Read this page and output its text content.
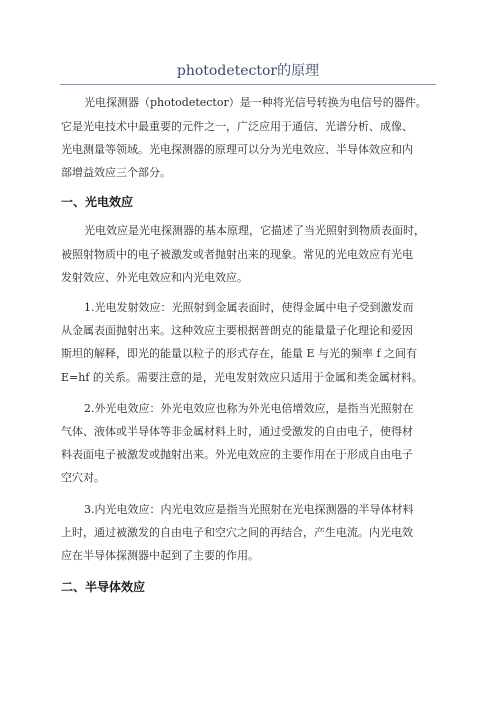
photodetector的原理
光电探测器（photodetector）是一种将光信号转换为电信号的器件。
它是光电技术中最重要的元件之一，广泛应用于通信、光谱分析、成像、
光电测量等领域。光电探测器的原理可以分为光电效应、半导体效应和内
部增益效应三个部分。
一、光电效应
光电效应是光电探测器的基本原理，它描述了当光照射到物质表面时，
被照射物质中的电子被激发或者抛射出来的现象。常见的光电效应有光电
发射效应、外光电效应和内光电效应。
1.光电发射效应：光照射到金属表面时，使得金属中电子受到激发而
从金属表面抛射出来。这种效应主要根据普朗克的能量量子化理论和爱因
斯坦的解释，即光的能量以粒子的形式存在，能量 E 与光的频率 f 之间有
E=hf 的关系。需要注意的是，光电发射效应只适用于金属和类金属材料。
2.外光电效应：外光电效应也称为外光电倍增效应，是指当光照射在
气体、液体或半导体等非金属材料上时，通过受激发的自由电子，使得材
料表面电子被激发或抛射出来。外光电效应的主要作用在于形成自由电子
空穴对。
3.内光电效应：内光电效应是指当光照射在光电探测器的半导体材料
上时，通过被激发的自由电子和空穴之间的再结合，产生电流。内光电效
应在半导体探测器中起到了主要的作用。
二、半导体效应
